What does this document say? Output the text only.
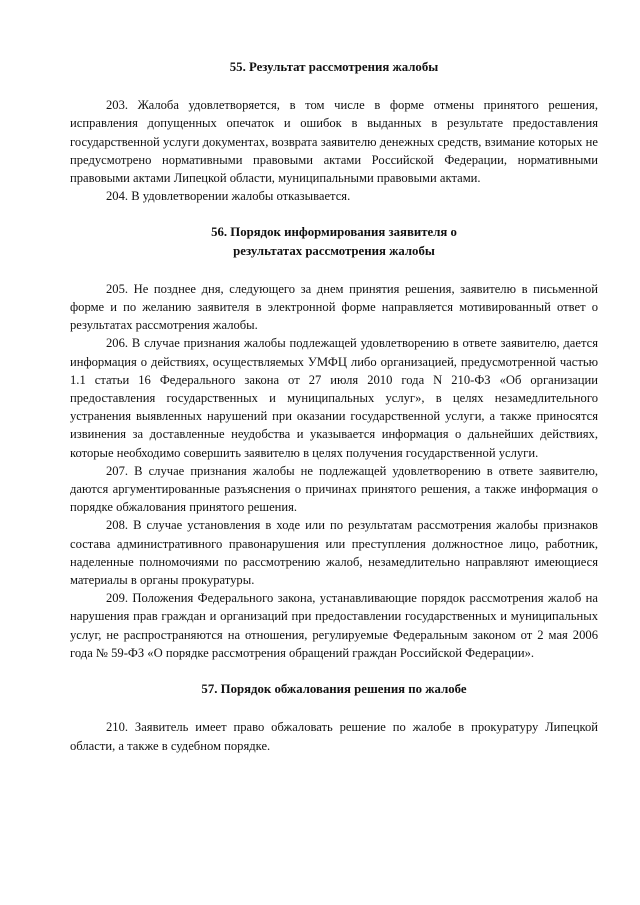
55. Результат рассмотрения жалобы

203. Жалоба удовлетворяется, в том числе в форме отмены принятого решения, исправления допущенных опечаток и ошибок в выданных в результате предоставления государственной услуги документах, возврата заявителю денежных средств, взимание которых не предусмотрено нормативными правовыми актами Российской Федерации, нормативными правовыми актами Липецкой области, муниципальными правовыми актами.

204. В удовлетворении жалобы отказывается.

56. Порядок информирования заявителя о
результатах рассмотрения жалобы

205. Не позднее дня, следующего за днем принятия решения, заявителю в письменной форме и по желанию заявителя в электронной форме направляется мотивированный ответ о результатах рассмотрения жалобы.

206. В случае признания жалобы подлежащей удовлетворению в ответе заявителю, дается информация о действиях, осуществляемых УМФЦ либо организацией, предусмотренной частью 1.1 статьи 16 Федерального закона от 27 июля 2010 года N 210-ФЗ «Об организации предоставления государственных и муниципальных услуг», в целях незамедлительного устранения выявленных нарушений при оказании государственной услуги, а также приносятся извинения за доставленные неудобства и указывается информация о дальнейших действиях, которые необходимо совершить заявителю в целях получения государственной услуги.

207. В случае признания жалобы не подлежащей удовлетворению в ответе заявителю, даются аргументированные разъяснения о причинах принятого решения, а также информация о порядке обжалования принятого решения.

208. В случае установления в ходе или по результатам рассмотрения жалобы признаков состава административного правонарушения или преступления должностное лицо, работник, наделенные полномочиями по рассмотрению жалоб, незамедлительно направляют имеющиеся материалы в органы прокуратуры.

209. Положения Федерального закона, устанавливающие порядок рассмотрения жалоб на нарушения прав граждан и организаций при предоставлении государственных и муниципальных услуг, не распространяются на отношения, регулируемые Федеральным законом от 2 мая 2006 года № 59-ФЗ «О порядке рассмотрения обращений граждан Российской Федерации».

57. Порядок обжалования решения по жалобе

210. Заявитель имеет право обжаловать решение по жалобе в прокуратуру Липецкой области, а также в судебном порядке.
